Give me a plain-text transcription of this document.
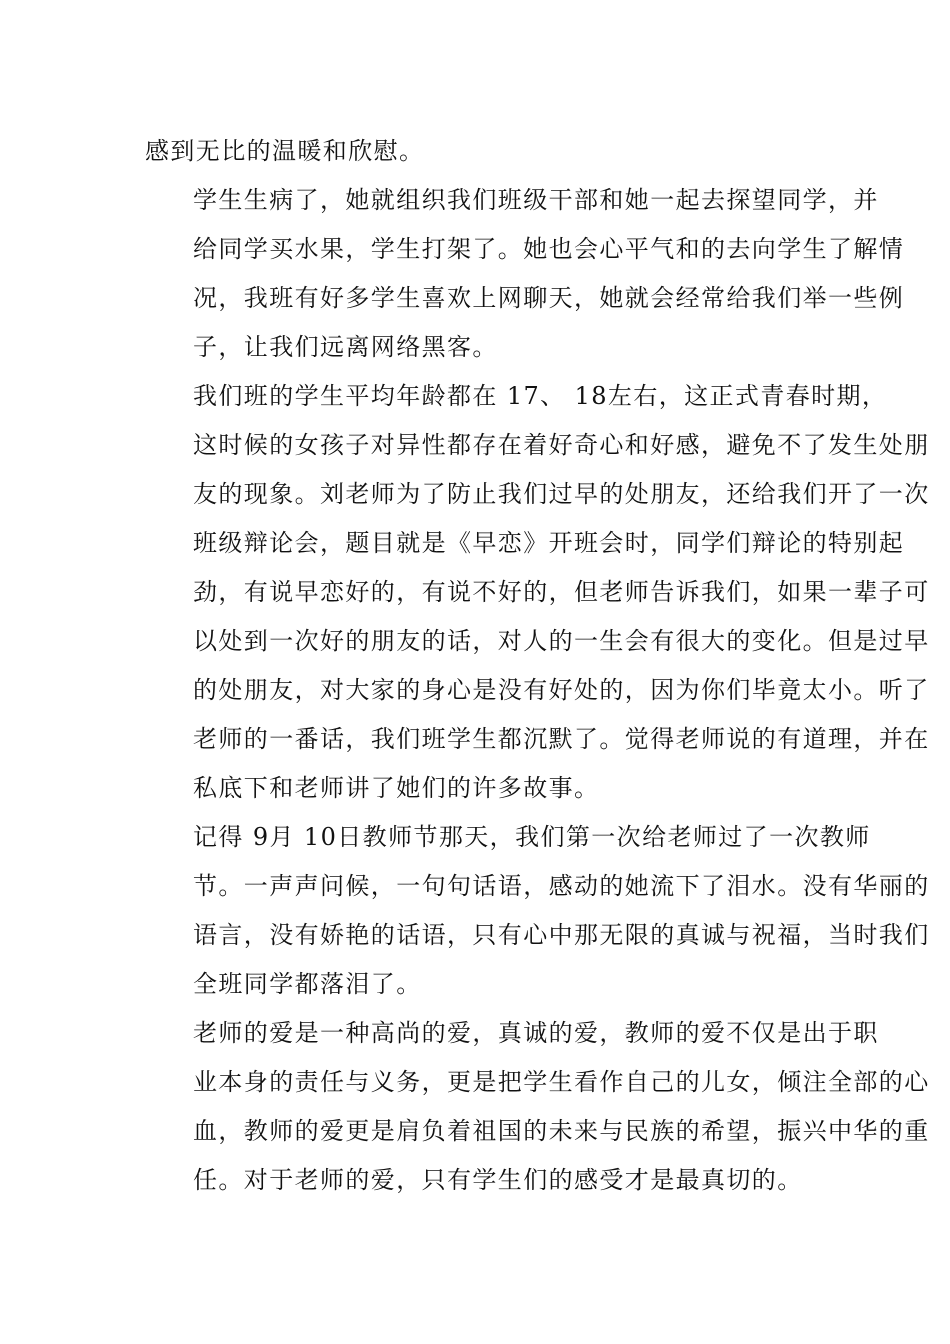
感到无比的温暖和欣慰。
学生生病了，她就组织我们班级干部和她一起去探望同学，并
给同学买水果，学生打架了。她也会心平气和的去向学生了解情
况，我班有好多学生喜欢上网聊天，她就会经常给我们举一些例
子，让我们远离网络黑客。
我们班的学生平均年龄都在 17、 18左右，这正式青春时期，
这时候的女孩子对异性都存在着好奇心和好感，避免不了发生处朋
友的现象。刘老师为了防止我们过早的处朋友，还给我们开了一次
班级辩论会，题目就是《早恋》开班会时，同学们辩论的特别起
劲，有说早恋好的，有说不好的，但老师告诉我们，如果一辈子可
以处到一次好的朋友的话，对人的一生会有很大的变化。但是过早
的处朋友，对大家的身心是没有好处的，因为你们毕竟太小。听了
老师的一番话，我们班学生都沉默了。觉得老师说的有道理，并在
私底下和老师讲了她们的许多故事。
记得 9月 10日教师节那天，我们第一次给老师过了一次教师
节。一声声问候，一句句话语，感动的她流下了泪水。没有华丽的
语言，没有娇艳的话语，只有心中那无限的真诚与祝福，当时我们
全班同学都落泪了。
老师的爱是一种高尚的爱，真诚的爱，教师的爱不仅是出于职
业本身的责任与义务，更是把学生看作自己的儿女，倾注全部的心
血，教师的爱更是肩负着祖国的未来与民族的希望，振兴中华的重
任。对于老师的爱，只有学生们的感受才是最真切的。
